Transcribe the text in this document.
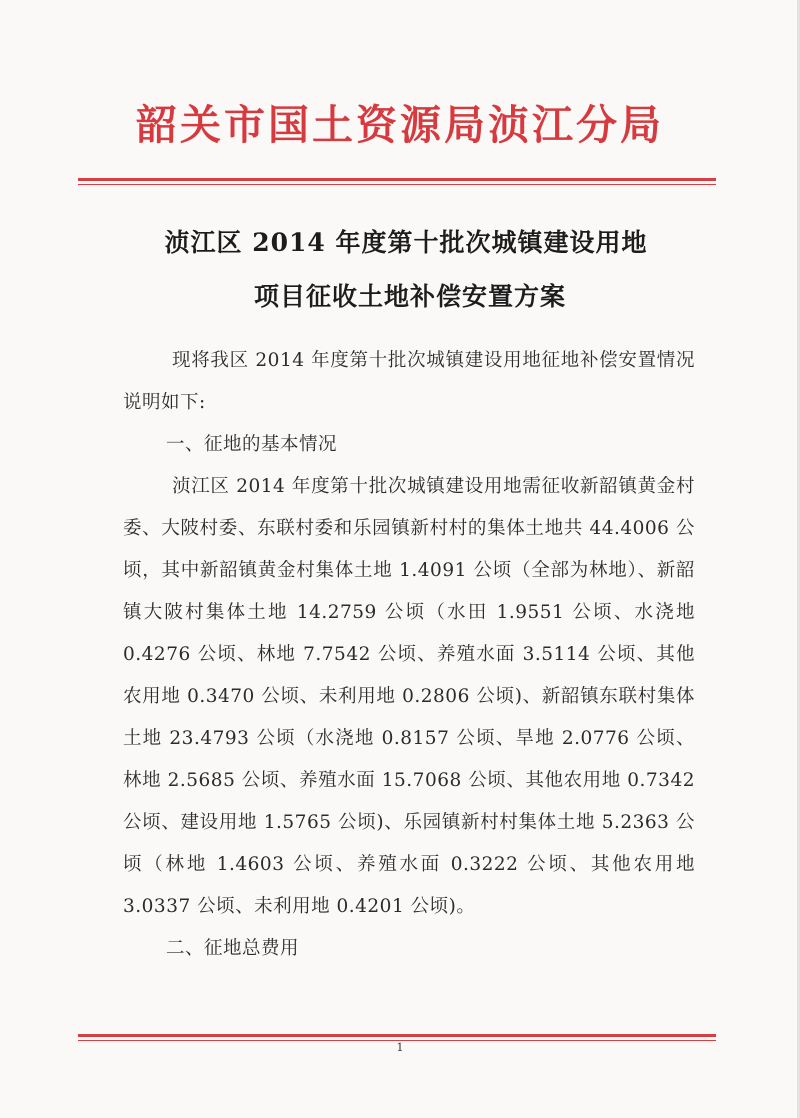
韶关市国土资源局浈江分局
浈江区 2014 年度第十批次城镇建设用地
项目征收土地补偿安置方案

现将我区 2014 年度第十批次城镇建设用地征地补偿安置情况说明如下:

一、征地的基本情况

浈江区 2014 年度第十批次城镇建设用地需征收新韶镇黄金村委、大陂村委、东联村委和乐园镇新村村的集体土地共 44.4006 公顷，其中新韶镇黄金村集体土地 1.4091 公顷（全部为林地）、新韶镇大陂村集体土地 14.2759 公顷（水田 1.9551 公顷、水浇地 0.4276 公顷、林地 7.7542 公顷、养殖水面 3.5114 公顷、其他农用地 0.3470 公顷、未利用地 0.2806 公顷)、新韶镇东联村集体土地 23.4793 公顷（水浇地 0.8157 公顷、旱地 2.0776 公顷、林地 2.5685 公顷、养殖水面 15.7068 公顷、其他农用地 0.7342 公顷、建设用地 1.5765 公顷)、乐园镇新村村集体土地 5.2363 公顷（林地 1.4603 公顷、养殖水面 0.3222 公顷、其他农用地 3.0337 公顷、未利用地 0.4201 公顷)。

二、征地总费用

1
